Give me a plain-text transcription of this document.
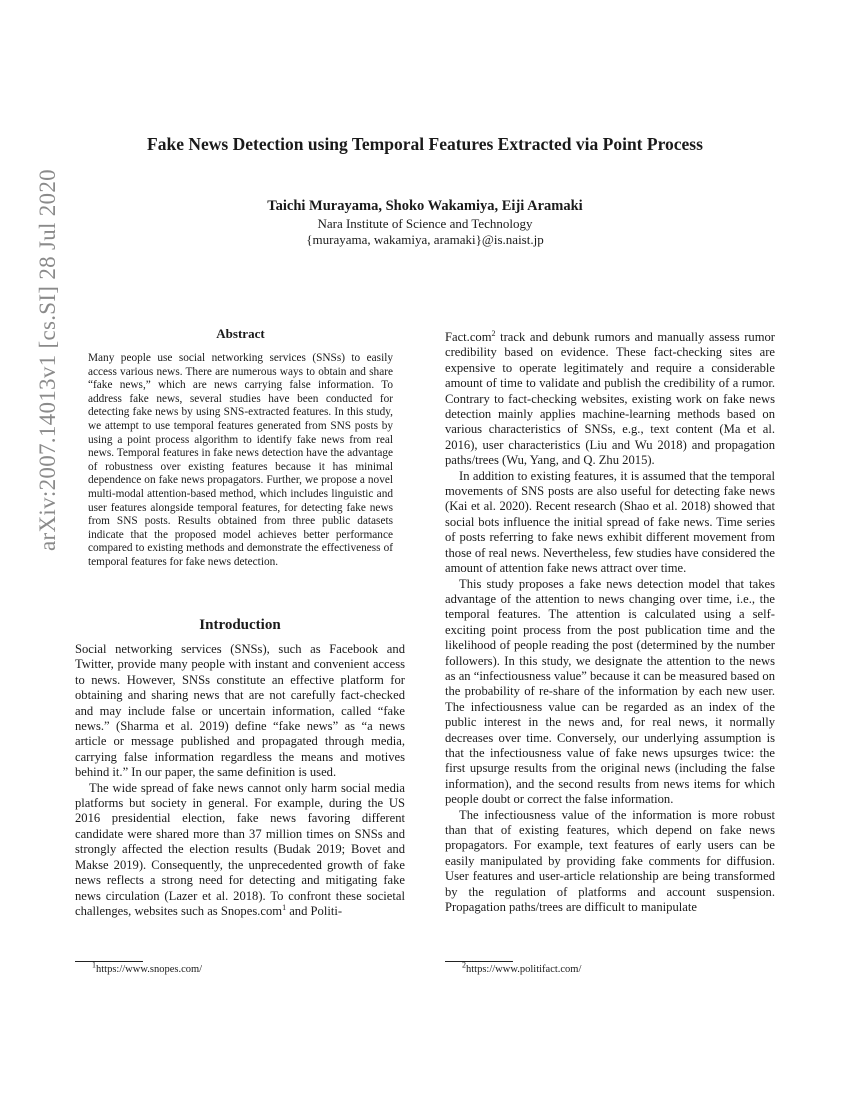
arXiv:2007.14013v1 [cs.SI] 28 Jul 2020
Fake News Detection using Temporal Features Extracted via Point Process
Taichi Murayama, Shoko Wakamiya, Eiji Aramaki
Nara Institute of Science and Technology
{murayama, wakamiya, aramaki}@is.naist.jp
Abstract
Many people use social networking services (SNSs) to easily access various news. There are numerous ways to obtain and share “fake news,” which are news carrying false information. To address fake news, several studies have been conducted for detecting fake news by using SNS-extracted features. In this study, we attempt to use temporal features generated from SNS posts by using a point process algorithm to identify fake news from real news. Temporal features in fake news detection have the advantage of robustness over existing features because it has minimal dependence on fake news propagators. Further, we propose a novel multi-modal attention-based method, which includes linguistic and user features alongside temporal features, for detecting fake news from SNS posts. Results obtained from three public datasets indicate that the proposed model achieves better performance compared to existing methods and demonstrate the effectiveness of temporal features for fake news detection.
Introduction

Social networking services (SNSs), such as Facebook and Twitter, provide many people with instant and convenient access to news. However, SNSs constitute an effective platform for obtaining and sharing news that are not carefully fact-checked and may include false or uncertain information, called “fake news.” (Sharma et al. 2019) define “fake news” as “a news article or message published and propagated through media, carrying false information regardless the means and motives behind it.” In our paper, the same definition is used.

The wide spread of fake news cannot only harm social media platforms but society in general. For example, during the US 2016 presidential election, fake news favoring different candidate were shared more than 37 million times on SNSs and strongly affected the election results (Budak 2019; Bovet and Makse 2019). Consequently, the unprecedented growth of fake news reflects a strong need for detecting and mitigating fake news circulation (Lazer et al. 2018). To confront these societal challenges, websites such as Snopes.com$^1$ and Politi-

Fact.com$^2$ track and debunk rumors and manually assess rumor credibility based on evidence. These fact-checking sites are expensive to operate legitimately and require a considerable amount of time to validate and publish the credibility of a rumor. Contrary to fact-checking websites, existing work on fake news detection mainly applies machine-learning methods based on various characteristics of SNSs, e.g., text content (Ma et al. 2016), user characteristics (Liu and Wu 2018) and propagation paths/trees (Wu, Yang, and Q. Zhu 2015).

In addition to existing features, it is assumed that the temporal movements of SNS posts are also useful for detecting fake news (Kai et al. 2020). Recent research (Shao et al. 2018) showed that social bots influence the initial spread of fake news. Time series of posts referring to fake news exhibit different movement from those of real news. Nevertheless, few studies have considered the amount of attention fake news attract over time.

This study proposes a fake news detection model that takes advantage of the attention to news changing over time, i.e., the temporal features. The attention is calculated using a self-exciting point process from the post publication time and the likelihood of people reading the post (determined by the number followers). In this study, we designate the attention to the news as an “infectiousness value” because it can be measured based on the probability of re-share of the information by each new user. The infectiousness value can be regarded as an index of the public interest in the news and, for real news, it normally decreases over time. Conversely, our underlying assumption is that the infectiousness value of fake news upsurges twice: the first upsurge results from the original news (including the false information), and the second results from news items for which people doubt or correct the false information.

The infectiousness value of the information is more robust than that of existing features, which depend on fake news propagators. For example, text features of early users can be easily manipulated by providing fake comments for diffusion. User features and user-article relationship are being transformed by the regulation of platforms and account suspension. Propagation paths/trees are difficult to manipulate

$^1$https://www.snopes.com/	$^2$https://www.politifact.com/
